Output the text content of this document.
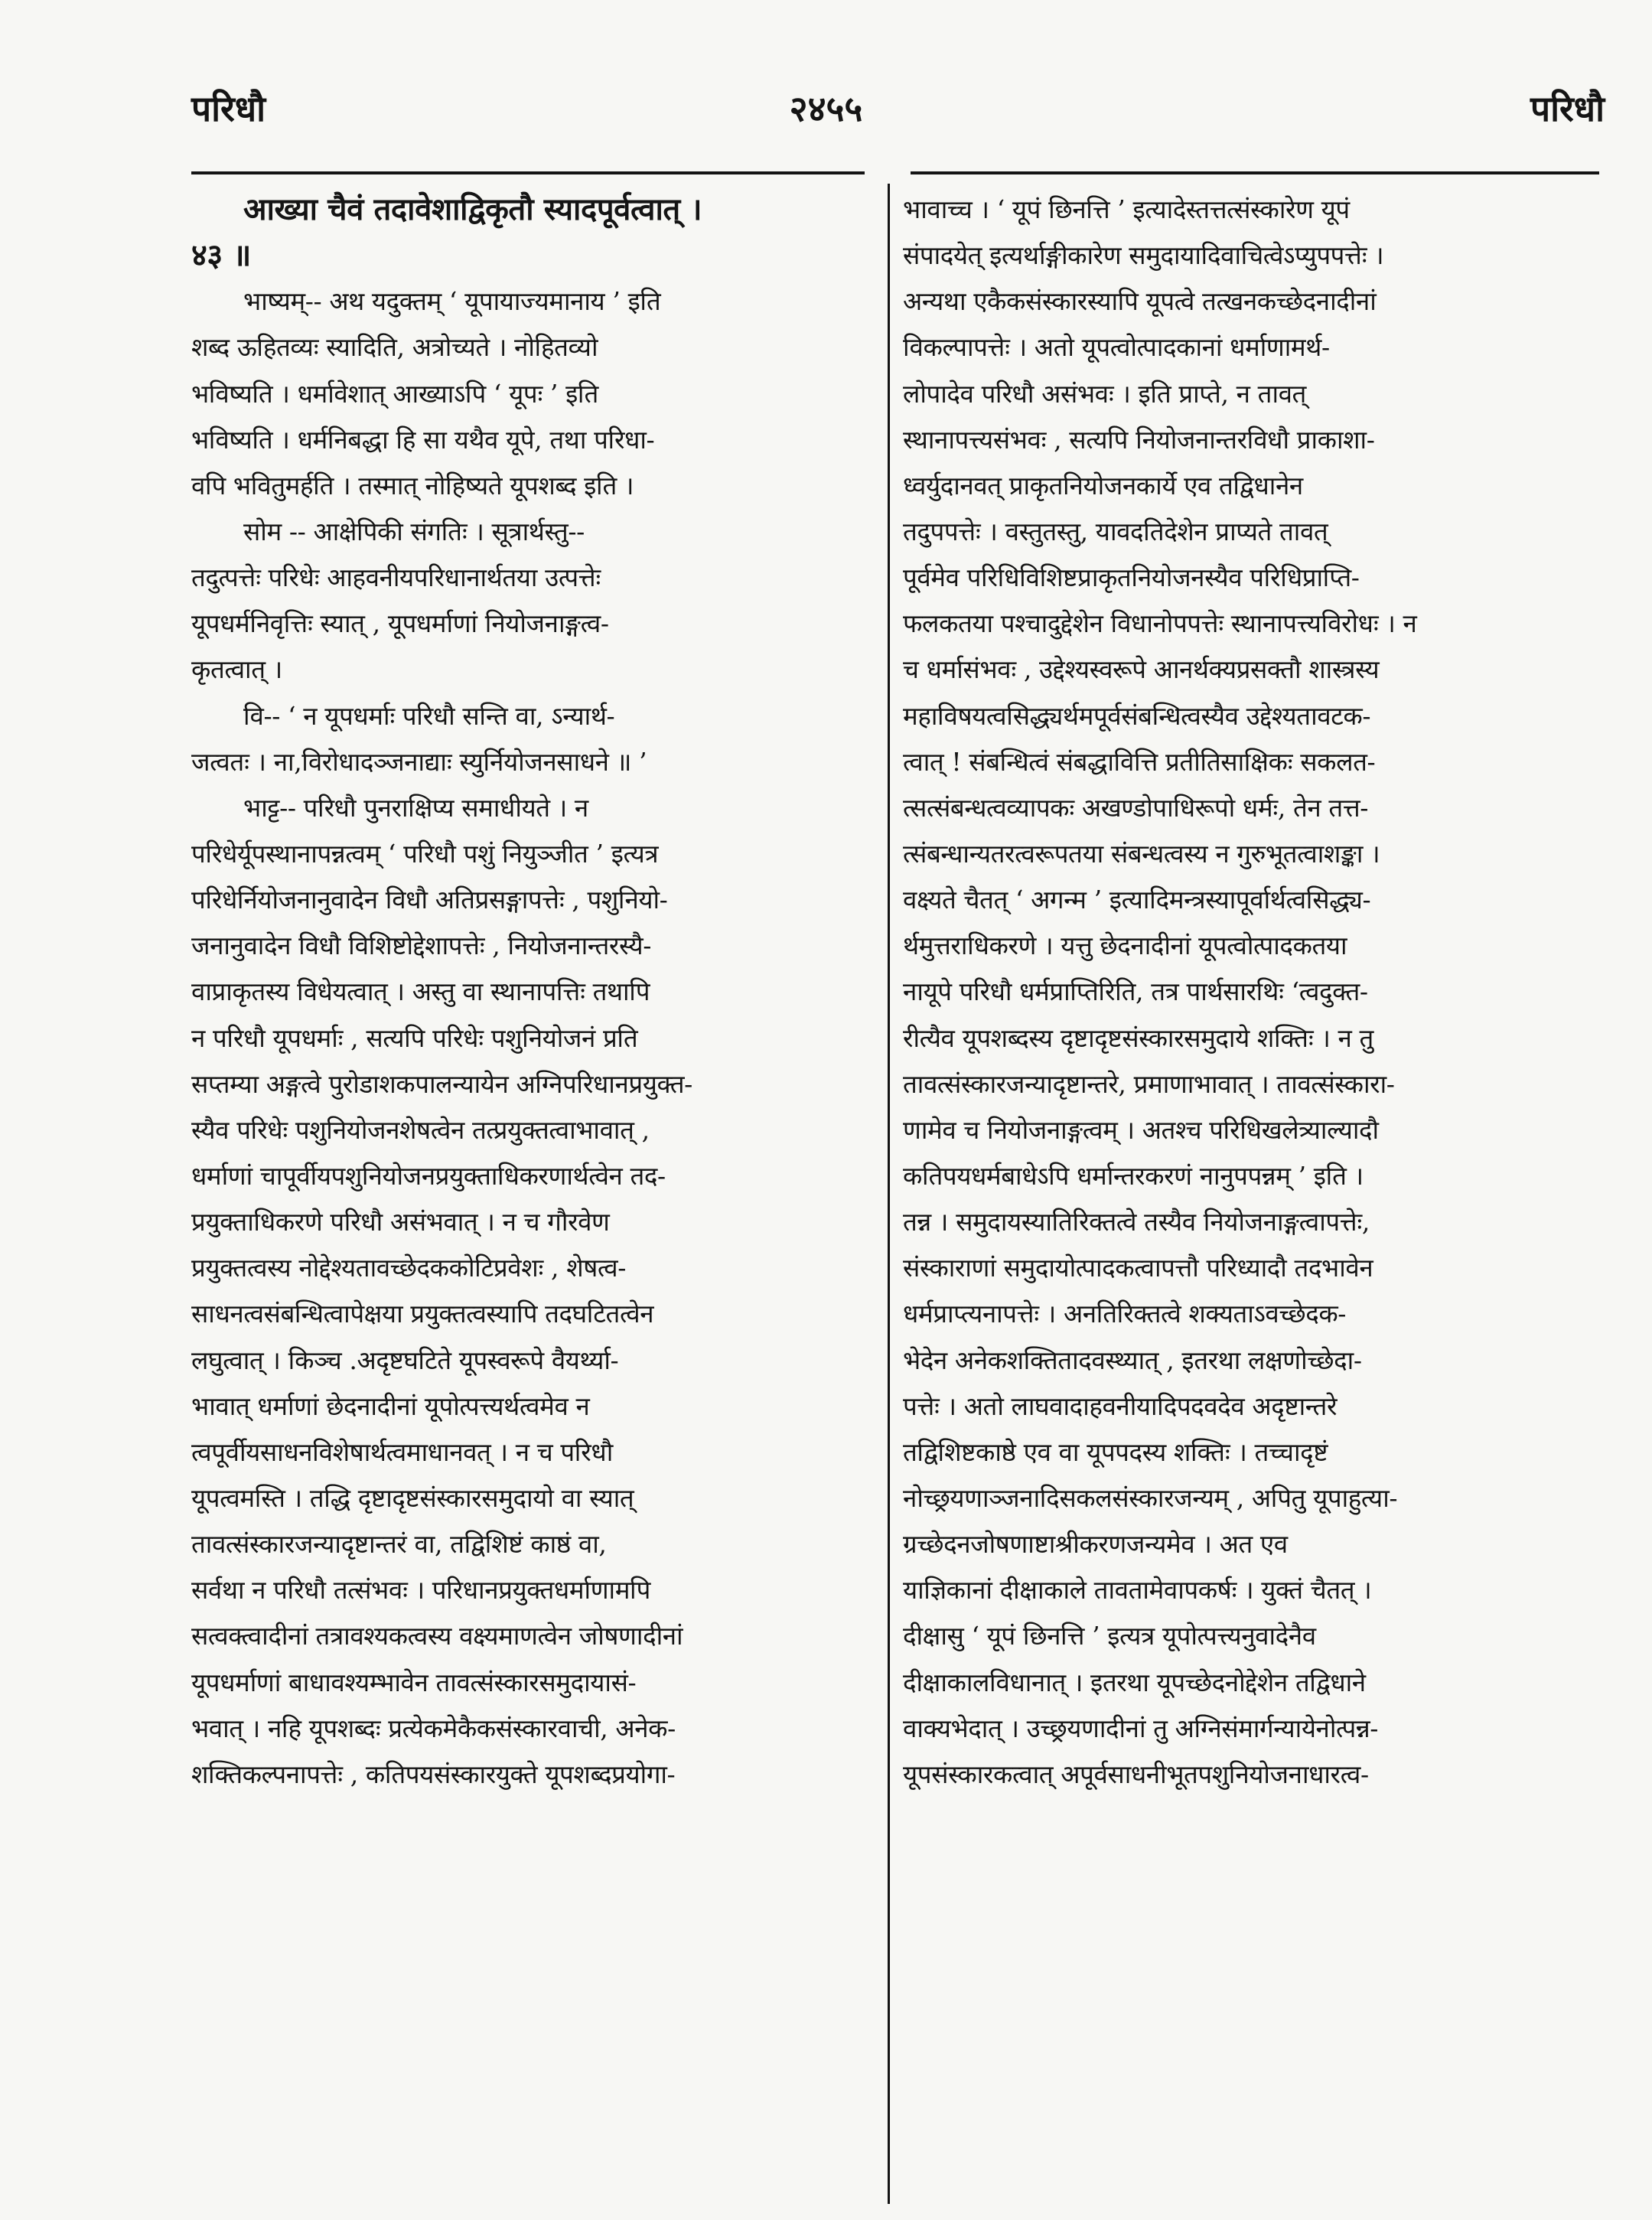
२४५५
परिधौ	परिधौ
आख्या चैवं तदावेशाद्विकृतौ स्यादपूर्वत्वात् ।
४३ ॥
भाष्यम्-- अथ यदुक्तम् ‘ यूपायाज्यमानाय ’ इति
शब्द ऊहितव्यः स्यादिति, अत्रोच्यते । नोहितव्यो
भविष्यति । धर्मावेशात् आख्याऽपि ‘ यूपः ’ इति
भविष्यति । धर्मनिबद्धा हि सा यथैव यूपे, तथा परिधा-
वपि भवितुमर्हति । तस्मात् नोहिष्यते यूपशब्द इति ।
सोम -- आक्षेपिकी संगतिः । सूत्रार्थस्तु--
तदुत्पत्तेः परिधेः आहवनीयपरिधानार्थतया उत्पत्तेः
यूपधर्मनिवृत्तिः स्यात् , यूपधर्माणां नियोजनाङ्गत्व-
कृतत्वात् ।
वि-- ‘ न यूपधर्माः परिधौ सन्ति वा, ऽन्यार्थ-
जत्वतः । ना,विरोधादञ्जनाद्याः स्युर्नियोजनसाधने ॥ ’
भाट्ट-- परिधौ पुनराक्षिप्य समाधीयते । न
परिधेर्यूपस्थानापन्नत्वम् ‘ परिधौ पशुं नियुञ्जीत ’ इत्यत्र
परिधेर्नियोजनानुवादेन विधौ अतिप्रसङ्गापत्तेः , पशुनियो-
जनानुवादेन विधौ विशिष्टोद्देशापत्तेः , नियोजनान्तरस्यै-
वाप्राकृतस्य विधेयत्वात् । अस्तु वा स्थानापत्तिः तथापि
न परिधौ यूपधर्माः , सत्यपि परिधेः पशुनियोजनं प्रति
सप्तम्या अङ्गत्वे पुरोडाशकपालन्यायेन अग्निपरिधानप्रयुक्त-
स्यैव परिधेः पशुनियोजनशेषत्वेन तत्प्रयुक्तत्वाभावात् ,
धर्माणां चापूर्वीयपशुनियोजनप्रयुक्ताधिकरणार्थत्वेन तद-
प्रयुक्ताधिकरणे परिधौ असंभवात् । न च गौरवेण
प्रयुक्तत्वस्य नोद्देश्यतावच्छेदककोटिप्रवेशः , शेषत्व-
साधनत्वसंबन्धित्वापेक्षया प्रयुक्तत्वस्यापि तदघटितत्वेन
लघुत्वात् । किञ्च .अदृष्टघटिते यूपस्वरूपे वैयर्थ्या-
भावात् धर्माणां छेदनादीनां यूपोत्पत्त्यर्थत्वमेव न
त्वपूर्वीयसाधनविशेषार्थत्वमाधानवत् । न च परिधौ
यूपत्वमस्ति । तद्धि दृष्टादृष्टसंस्कारसमुदायो वा स्यात्
तावत्संस्कारजन्यादृष्टान्तरं वा, तद्विशिष्टं काष्ठं वा,
सर्वथा न परिधौ तत्संभवः । परिधानप्रयुक्तधर्माणामपि
सत्वक्त्वादीनां तत्रावश्यकत्वस्य वक्ष्यमाणत्वेन जोषणादीनां
यूपधर्माणां बाधावश्यम्भावेन तावत्संस्कारसमुदायासं-
भवात् । नहि यूपशब्दः प्रत्येकमेकैकसंस्कारवाची, अनेक-
शक्तिकल्पनापत्तेः , कतिपयसंस्कारयुक्ते यूपशब्दप्रयोगा-
भावाच्च । ‘ यूपं छिनत्ति ’ इत्यादेस्तत्तत्संस्कारेण यूपं
संपादयेत् इत्यर्थाङ्गीकारेण समुदायादिवाचित्वेऽप्युपपत्तेः ।
अन्यथा एकैकसंस्कारस्यापि यूपत्वे तत्खनकच्छेदनादीनां
विकल्पापत्तेः । अतो यूपत्वोत्पादकानां धर्माणामर्थ-
लोपादेव परिधौ असंभवः । इति प्राप्ते, न तावत्
स्थानापत्त्यसंभवः , सत्यपि नियोजनान्तरविधौ प्राकाशा-
ध्वर्युदानवत् प्राकृतनियोजनकार्ये एव तद्विधानेन
तदुपपत्तेः । वस्तुतस्तु, यावदतिदेशेन प्राप्यते तावत्
पूर्वमेव परिधिविशिष्टप्राकृतनियोजनस्यैव परिधिप्राप्ति-
फलकतया पश्चादुद्देशेन विधानोपपत्तेः स्थानापत्त्यविरोधः । न
च धर्मासंभवः , उद्देश्यस्वरूपे आनर्थक्यप्रसक्तौ शास्त्रस्य
महाविषयत्वसिद्ध्यर्थमपूर्वसंबन्धित्वस्यैव उद्देश्यतावटक-
त्वात् ! संबन्धित्वं संबद्धावित्ति प्रतीतिसाक्षिकः सकलत-
त्सत्संबन्धत्वव्यापकः अखण्डोपाधिरूपो धर्मः, तेन तत्त-
त्संबन्धान्यतरत्वरूपतया संबन्धत्वस्य न गुरुभूतत्वाशङ्का ।
वक्ष्यते चैतत् ‘ अगन्म ’ इत्यादिमन्त्रस्यापूर्वार्थत्वसिद्ध्य-
र्थमुत्तराधिकरणे । यत्तु छेदनादीनां यूपत्वोत्पादकतया
नायूपे परिधौ धर्मप्राप्तिरिति, तत्र पार्थसारथिः ‘त्वदुक्त-
रीत्यैव यूपशब्दस्य दृष्टादृष्टसंस्कारसमुदाये शक्तिः । न तु
तावत्संस्कारजन्यादृष्टान्तरे, प्रमाणाभावात् । तावत्संस्कारा-
णामेव च नियोजनाङ्गत्वम् । अतश्च परिधिखलेत्र्याल्यादौ
कतिपयधर्मबाधेऽपि धर्मान्तरकरणं नानुपपन्नम् ’ इति ।
तन्न । समुदायस्यातिरिक्तत्वे तस्यैव नियोजनाङ्गत्वापत्तेः,
संस्काराणां समुदायोत्पादकत्वापत्तौ परिध्यादौ तदभावेन
धर्मप्राप्त्यनापत्तेः । अनतिरिक्तत्वे शक्यताऽवच्छेदक-
भेदेन अनेकशक्तितादवस्थ्यात् , इतरथा लक्षणोच्छेदा-
पत्तेः । अतो लाघवादाहवनीयादिपदवदेव अदृष्टान्तरे
तद्विशिष्टकाष्ठे एव वा यूपपदस्य शक्तिः । तच्चादृष्टं
नोच्छ्रयणाञ्जनादिसकलसंस्कारजन्यम् , अपितु यूपाहुत्या-
ग्रच्छेदनजोषणाष्टाश्रीकरणजन्यमेव । अत एव
याज्ञिकानां दीक्षाकाले तावतामेवापकर्षः । युक्तं चैतत् ।
दीक्षासु ‘ यूपं छिनत्ति ’ इत्यत्र यूपोत्पत्त्यनुवादेनैव
दीक्षाकालविधानात् । इतरथा यूपच्छेदनोद्देशेन तद्विधाने
वाक्यभेदात् । उच्छ्रयणादीनां तु अग्निसंमार्गन्यायेनोत्पन्न-
यूपसंस्कारकत्वात् अपूर्वसाधनीभूतपशुनियोजनाधारत्व-
